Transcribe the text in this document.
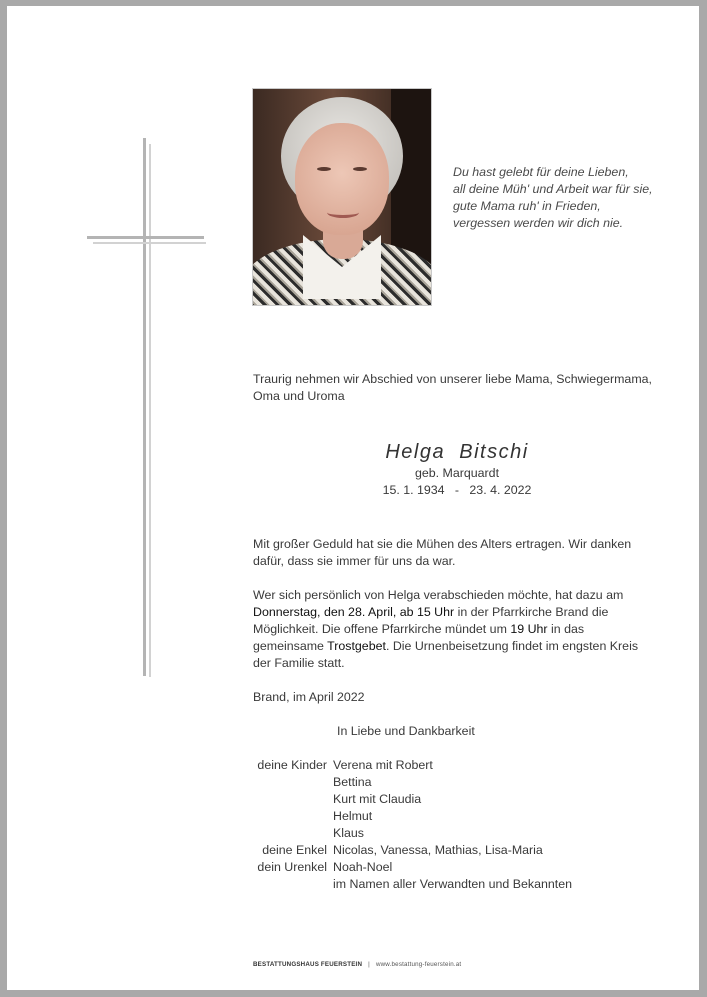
Du hast gelebt für deine Lieben,
all deine Müh' und Arbeit war für sie,
gute Mama ruh' in Frieden,
vergessen werden wir dich nie.
Traurig nehmen wir Abschied von unserer liebe Mama, Schwiegermama, Oma und Uroma
Helga  Bitschi
geb. Marquardt
15. 1. 1934 - 23. 4. 2022
Mit großer Geduld hat sie die Mühen des Alters ertragen. Wir danken dafür, dass sie immer für uns da war.
Wer sich persönlich von Helga verabschieden möchte, hat dazu am Donnerstag, den 28. April, ab 15 Uhr in der Pfarrkirche Brand die Möglichkeit. Die offene Pfarrkirche mündet um 19 Uhr in das gemeinsame Trostgebet. Die Urnenbeisetzung findet im engsten Kreis der Familie statt.
Brand, im April 2022
In Liebe und Dankbarkeit
deine Kinder Verena mit Robert
Bettina
Kurt mit Claudia
Helmut
Klaus
deine Enkel Nicolas, Vanessa, Mathias, Lisa-Maria
dein Urenkel Noah-Noel
im Namen aller Verwandten und Bekannten
BESTATTUNGSHAUS FEUERSTEIN | www.bestattung-feuerstein.at
